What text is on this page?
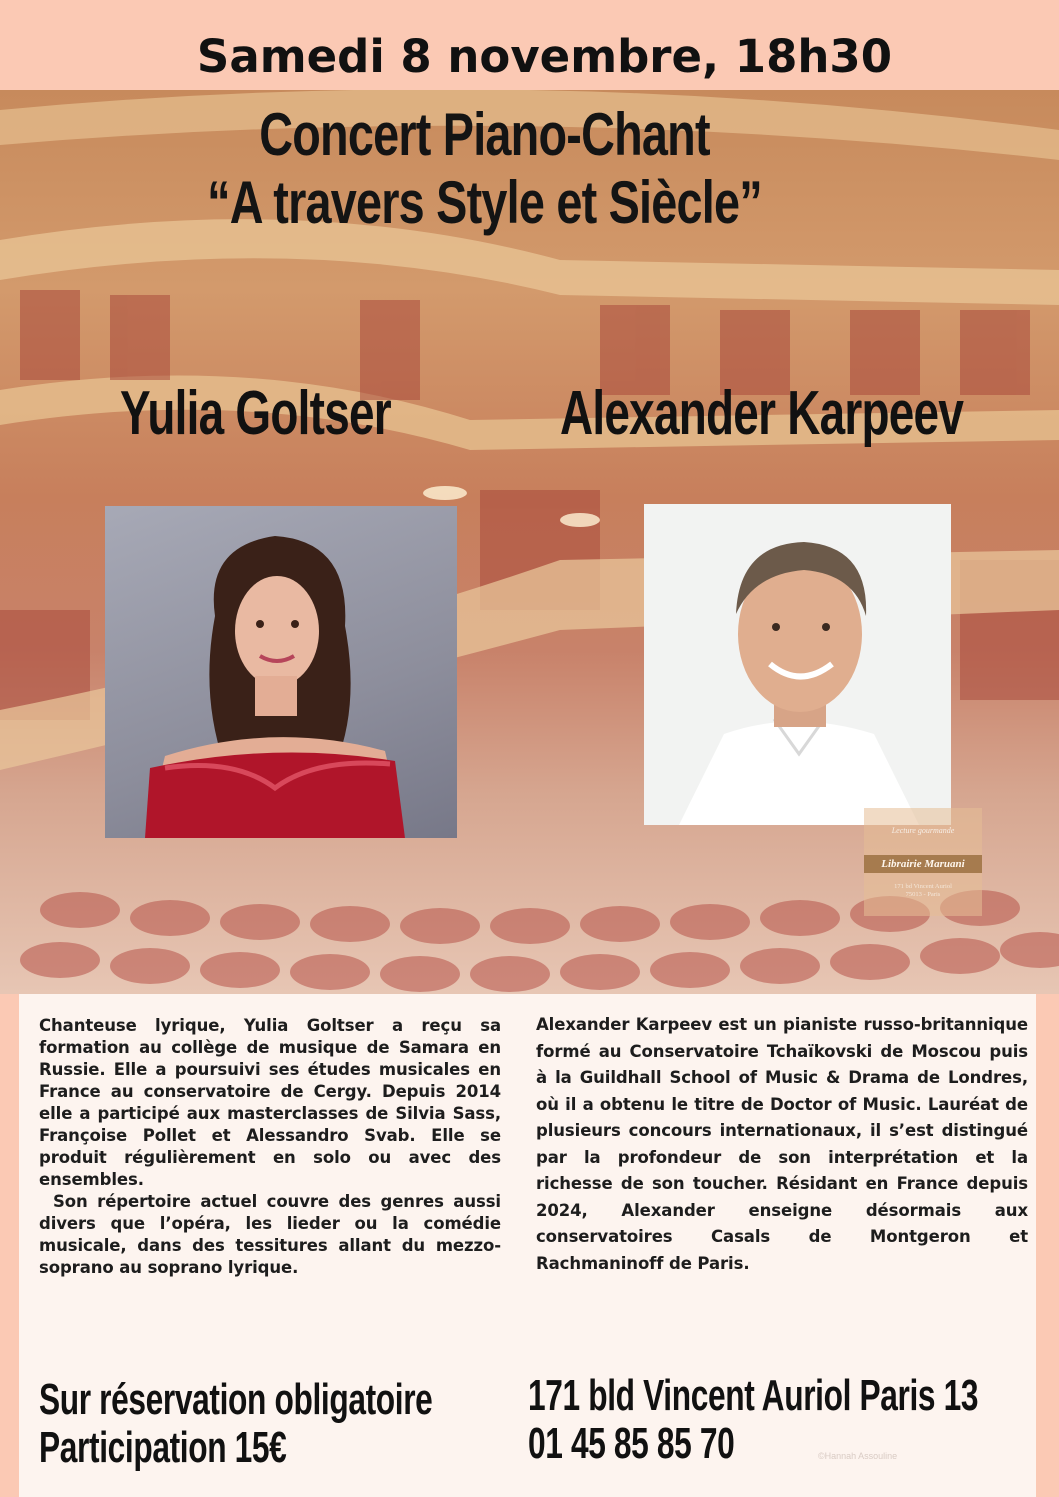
Samedi 8 novembre, 18h30
Concert Piano-Chant
“A travers Style et Siècle”
Yulia Goltser	Alexander Karpeev
Lecture gourmande
Librairie Maruani
171 bd Vincent Auriol
75013 - Paris
Chanteuse lyrique, Yulia Goltser a reçu sa formation au collège de musique de Samara en Russie. Elle a poursuivi ses études musicales en France au conservatoire de Cergy. Depuis 2014 elle a participé aux masterclasses de Silvia Sass, Françoise Pollet et Alessandro Svab. Elle se produit régulièrement en solo ou avec des ensembles.
Son répertoire actuel couvre des genres aussi divers que l’opéra, les lieder ou la comédie musicale, dans des tessitures allant du mezzo-soprano au soprano lyrique.
Alexander Karpeev est un pianiste russo-britannique formé au Conservatoire Tchaïkovski de Moscou puis à la Guildhall School of Music & Drama de Londres, où il a obtenu le titre de Doctor of Music. Lauréat de plusieurs concours internationaux, il s’est distingué par la profondeur de son interprétation et la richesse de son toucher. Résidant en France depuis 2024, Alexander enseigne désormais aux conservatoires Casals de Montgeron et Rachmaninoff de Paris.
Sur réservation obligatoire
Participation 15€
171 bld Vincent Auriol Paris 13
01 45 85 85 70	©Hannah Assouline
